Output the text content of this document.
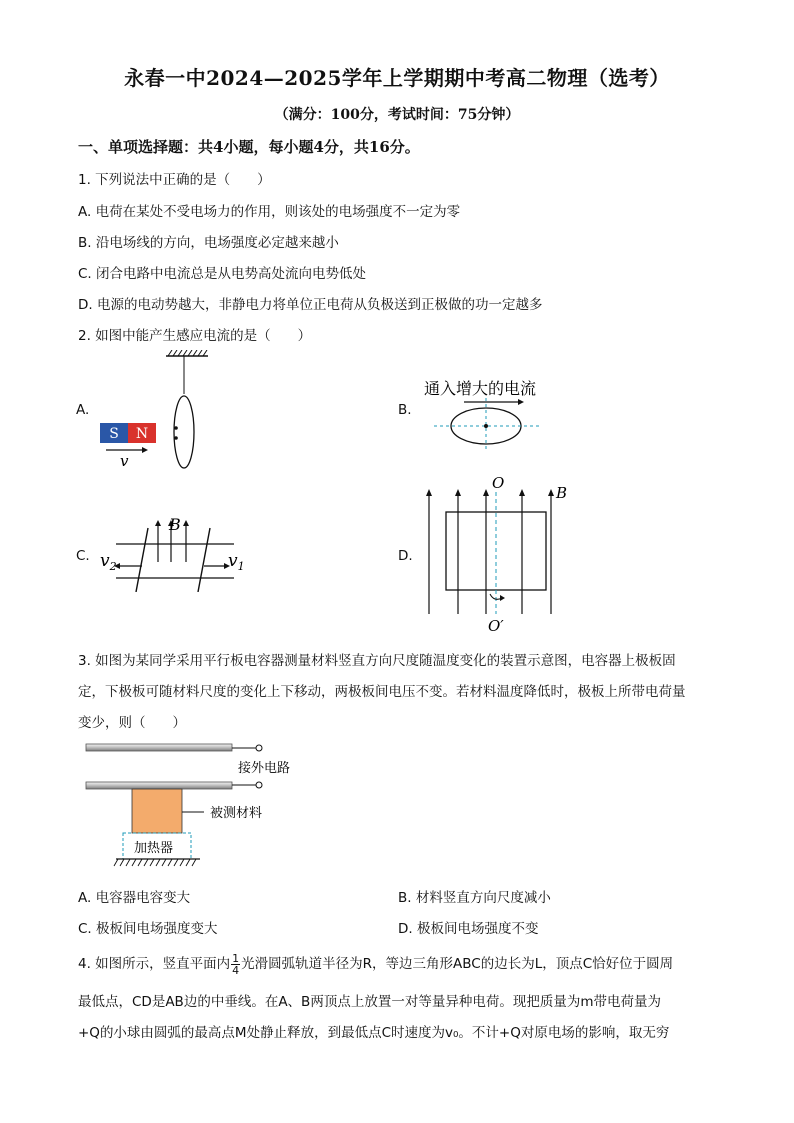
永春一中2024—2025学年上学期期中考高二物理（选考）
（满分：100分，考试时间：75分钟）
一、单项选择题：共4小题，每小题4分，共16分。
1. 下列说法中正确的是（　　）
A. 电荷在某处不受电场力的作用，则该处的电场强度不一定为零
B. 沿电场线的方向，电场强度必定越来越小
C. 闭合电路中电流总是从电势高处流向电势低处
D. 电源的电动势越大，非静电力将单位正电荷从负极送到正极做的功一定越多
2. 如图中能产生感应电流的是（　　）
A.	B.
C.	D.
S N
v
通入增大的电流
B
$v_2$	$v_1$
O
O′
B
3. 如图为某同学采用平行板电容器测量材料竖直方向尺度随温度变化的装置示意图，电容器上极板固
定，下极板可随材料尺度的变化上下移动，两极板间电压不变。若材料温度降低时，极板上所带电荷量
变少，则（　　）
接外电路
被测材料
加热器
A. 电容器电容变大	B. 材料竖直方向尺度减小
C. 极板间电场强度变大	D. 极板间电场强度不变
4. 如图所示，竖直平面内 $\frac{1}{4}$ 光滑圆弧轨道半径为R，等边三角形ABC的边长为L，顶点C恰好位于圆周
最低点，CD是AB边的中垂线。在A、B两顶点上放置一对等量异种电荷。现把质量为m带电荷量为
+Q的小球由圆弧的最高点M处静止释放，到最低点C时速度为v₀。不计+Q对原电场的影响，取无穷
